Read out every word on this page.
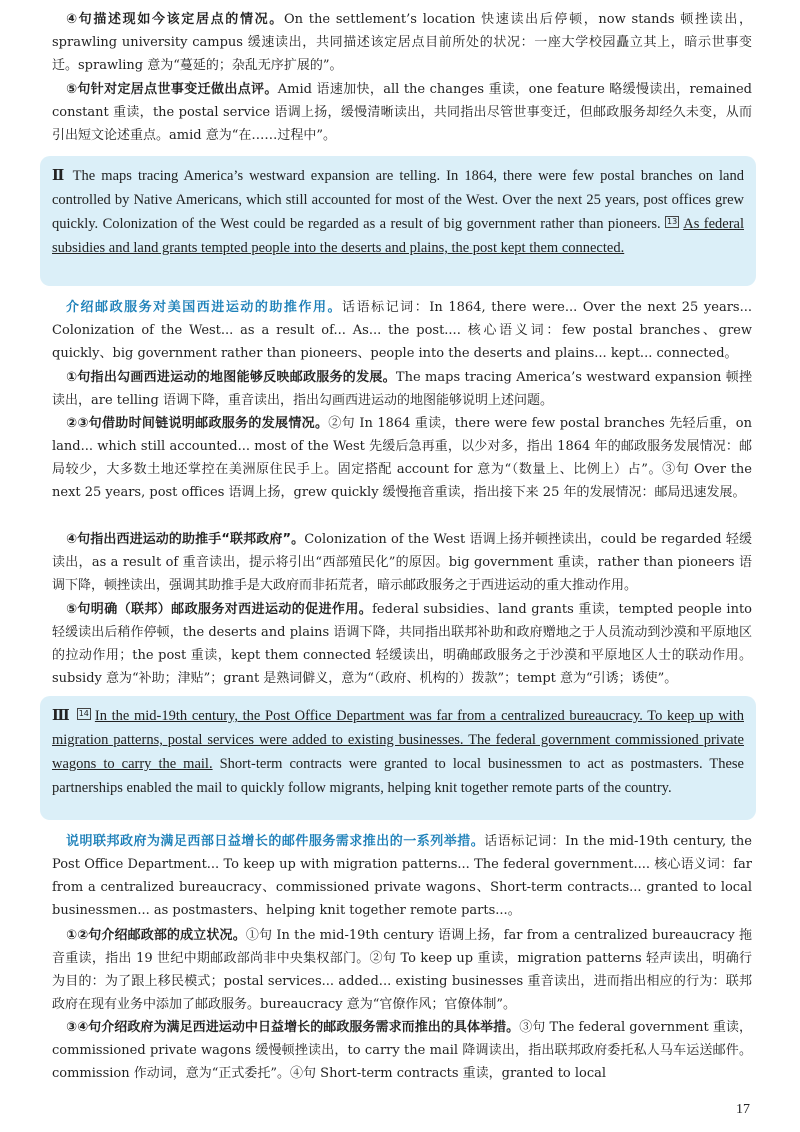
④句描述现如今该定居点的情况。On the settlement’s location 快速读出后停顿，now stands 顿挫读出，sprawling university campus 缓速读出，共同描述该定居点目前所处的状况：一座大学校园矗立其上，暗示世事变迁。sprawling 意为“蔓延的；杂乱无序扩展的”。

⑤句针对定居点世事变迁做出点评。Amid 语速加快，all the changes 重读，one feature 略缓慢读出，remained constant 重读，the postal service 语调上扬，缓慢清晰读出，共同指出尽管世事变迁，但邮政服务却经久未变，从而引出短文论述重点。amid 意为“在……过程中”。

Ⅱ The maps tracing America’s westward expansion are telling. In 1864, there were few postal branches on land controlled by Native Americans, which still accounted for most of the West. Over the next 25 years, post offices grew quickly. Colonization of the West could be regarded as a result of big government rather than pioneers. 13 As federal subsidies and land grants tempted people into the deserts and plains, the post kept them connected.

介绍邮政服务对美国西进运动的助推作用。话语标记词：In 1864, there were... Over the next 25 years... Colonization of the West... as a result of... As... the post.... 核心语义词：few postal branches、grew quickly、big government rather than pioneers、people into the deserts and plains... kept... connected。

①句指出勾画西进运动的地图能够反映邮政服务的发展。The maps tracing America’s westward expansion 顿挫读出，are telling 语调下降，重音读出，指出勾画西进运动的地图能够说明上述问题。

②③句借助时间链说明邮政服务的发展情况。②句 In 1864 重读，there were few postal branches 先轻后重，on land... which still accounted... most of the West 先缓后急再重，以少对多，指出 1864 年的邮政服务发展情况：邮局较少，大多数土地还掌控在美洲原住民手上。固定搭配 account for 意为“（数量上、比例上）占”。③句 Over the next 25 years, post offices 语调上扬，grew quickly 缓慢拖音重读，指出接下来 25 年的发展情况：邮局迅速发展。

④句指出西进运动的助推手“联邦政府”。Colonization of the West 语调上扬并顿挫读出，could be regarded 轻缓读出，as a result of 重音读出，提示将引出“西部殖民化”的原因。big government 重读，rather than pioneers 语调下降，顿挫读出，强调其助推手是大政府而非拓荒者，暗示邮政服务之于西进运动的重大推动作用。

⑤句明确（联邦）邮政服务对西进运动的促进作用。federal subsidies、land grants 重读，tempted people into 轻缓读出后稍作停顿，the deserts and plains 语调下降，共同指出联邦补助和政府赠地之于人员流动到沙漠和平原地区的拉动作用；the post 重读，kept them connected 轻缓读出，明确邮政服务之于沙漠和平原地区人士的联动作用。subsidy 意为“补助；津贴”；grant 是熟词僻义，意为“（政府、机构的）拨款”；tempt 意为“引诱；诱使”。

Ⅲ 14 In the mid-19th century, the Post Office Department was far from a centralized bureaucracy. To keep up with migration patterns, postal services were added to existing businesses. The federal government commissioned private wagons to carry the mail. Short-term contracts were granted to local businessmen to act as postmasters. These partnerships enabled the mail to quickly follow migrants, helping knit together remote parts of the country.

说明联邦政府为满足西部日益增长的邮件服务需求推出的一系列举措。话语标记词：In the mid-19th century, the Post Office Department... To keep up with migration patterns... The federal government.... 核心语义词：far from a centralized bureaucracy、commissioned private wagons、Short-term contracts... granted to local businessmen... as postmasters、helping knit together remote parts...。

①②句介绍邮政部的成立状况。①句 In the mid-19th century 语调上扬，far from a centralized bureaucracy 拖音重读，指出 19 世纪中期邮政部尚非中央集权部门。②句 To keep up 重读，migration patterns 轻声读出，明确行为目的：为了跟上移民模式；postal services... added... existing businesses 重音读出，进而指出相应的行为：联邦政府在现有业务中添加了邮政服务。bureaucracy 意为“官僚作风；官僚体制”。

③④句介绍政府为满足西进运动中日益增长的邮政服务需求而推出的具体举措。③句 The federal government 重读，commissioned private wagons 缓慢顿挫读出，to carry the mail 降调读出，指出联邦政府委托私人马车运送邮件。commission 作动词，意为“正式委托”。④句 Short-term contracts 重读，granted to local

17
